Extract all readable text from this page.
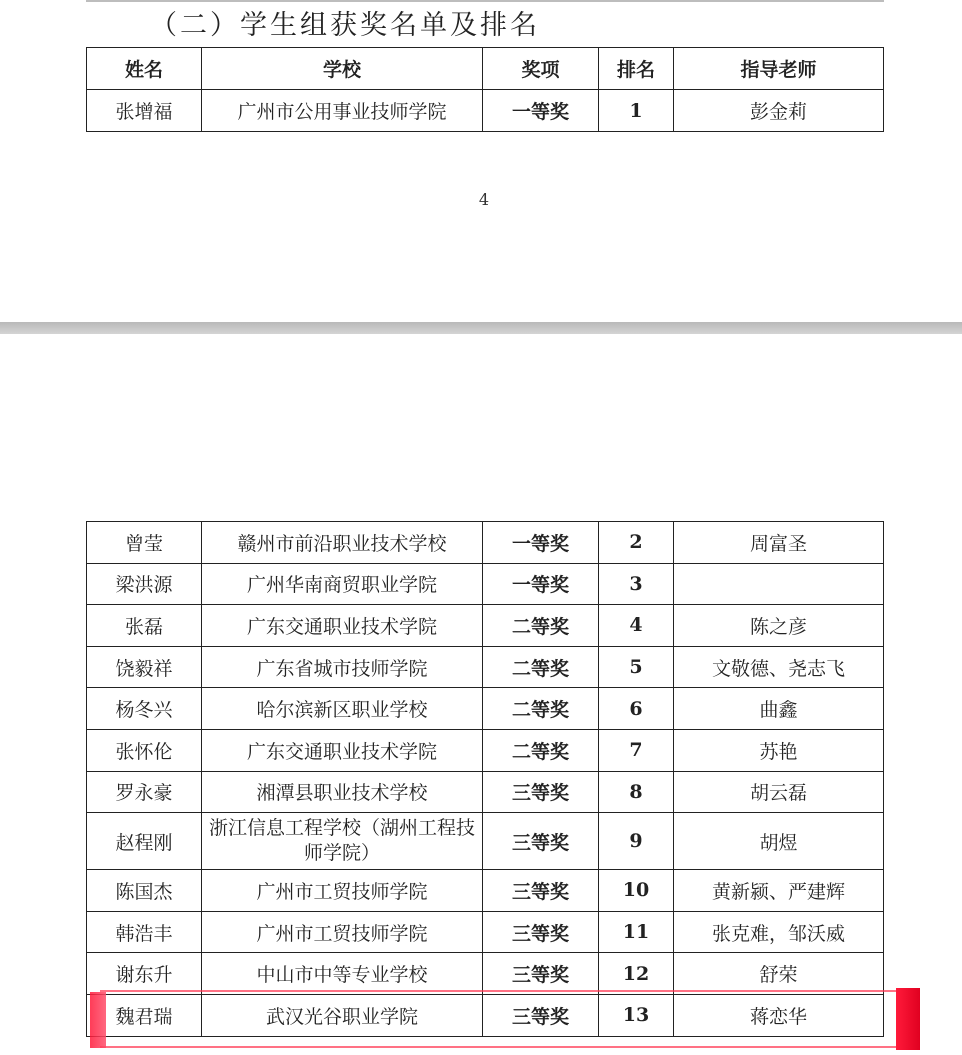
（二）学生组获奖名单及排名
姓名	学校	奖项	排名	指导老师
张增福	广州市公用事业技师学院	一等奖	1	彭金莉
4
曾莹	赣州市前沿职业技术学校	一等奖	2	周富圣
梁洪源	广州华南商贸职业学院	一等奖	3	
张磊	广东交通职业技术学院	二等奖	4	陈之彦
饶毅祥	广东省城市技师学院	二等奖	5	文敬德、尧志飞
杨冬兴	哈尔滨新区职业学校	二等奖	6	曲鑫
张怀伦	广东交通职业技术学院	二等奖	7	苏艳
罗永豪	湘潭县职业技术学校	三等奖	8	胡云磊
赵程刚	浙江信息工程学校（湖州工程技师学院）	三等奖	9	胡煜
陈国杰	广州市工贸技师学院	三等奖	10	黄新颍、严建辉
韩浩丰	广州市工贸技师学院	三等奖	11	张克难，邹沃威
谢东升	中山市中等专业学校	三等奖	12	舒荣
魏君瑞	武汉光谷职业学院	三等奖	13	蒋恋华
